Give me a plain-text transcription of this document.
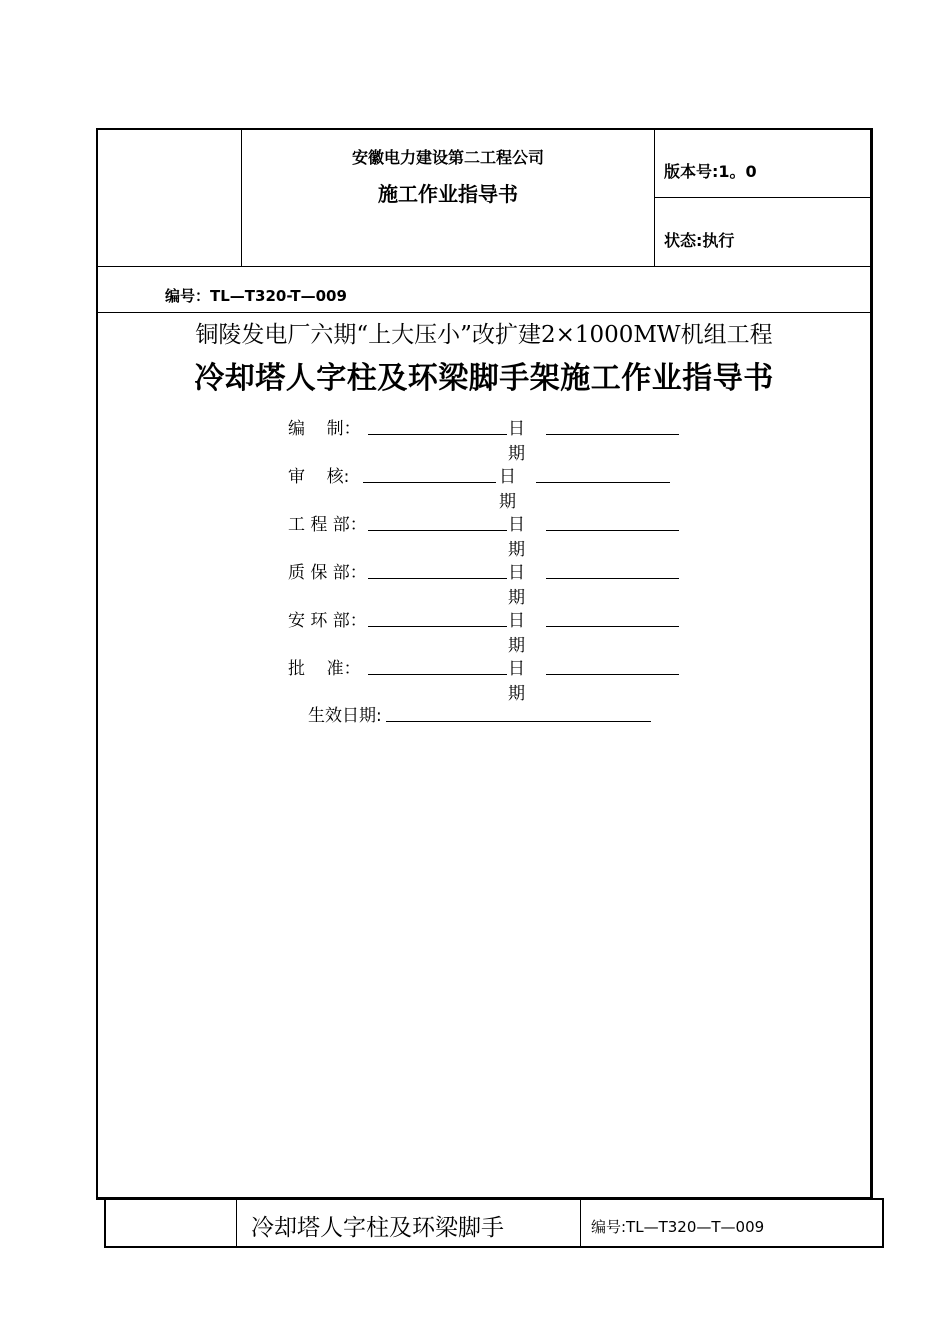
安徽电力建设第二工程公司
施工作业指导书
版本号:1。0
状态:执行
编号：TL—T320-T—009
铜陵发电厂六期“上大压小”改扩建2×1000MW机组工程
冷却塔人字柱及环梁脚手架施工作业指导书
编    制：	日期
审    核:	日期
工 程 部：	日期
质 保 部：	日期
安 环 部：	日期
批    准：	日期
生效日期:
冷却塔人字柱及环梁脚手	编号:TL—T320—T—009
